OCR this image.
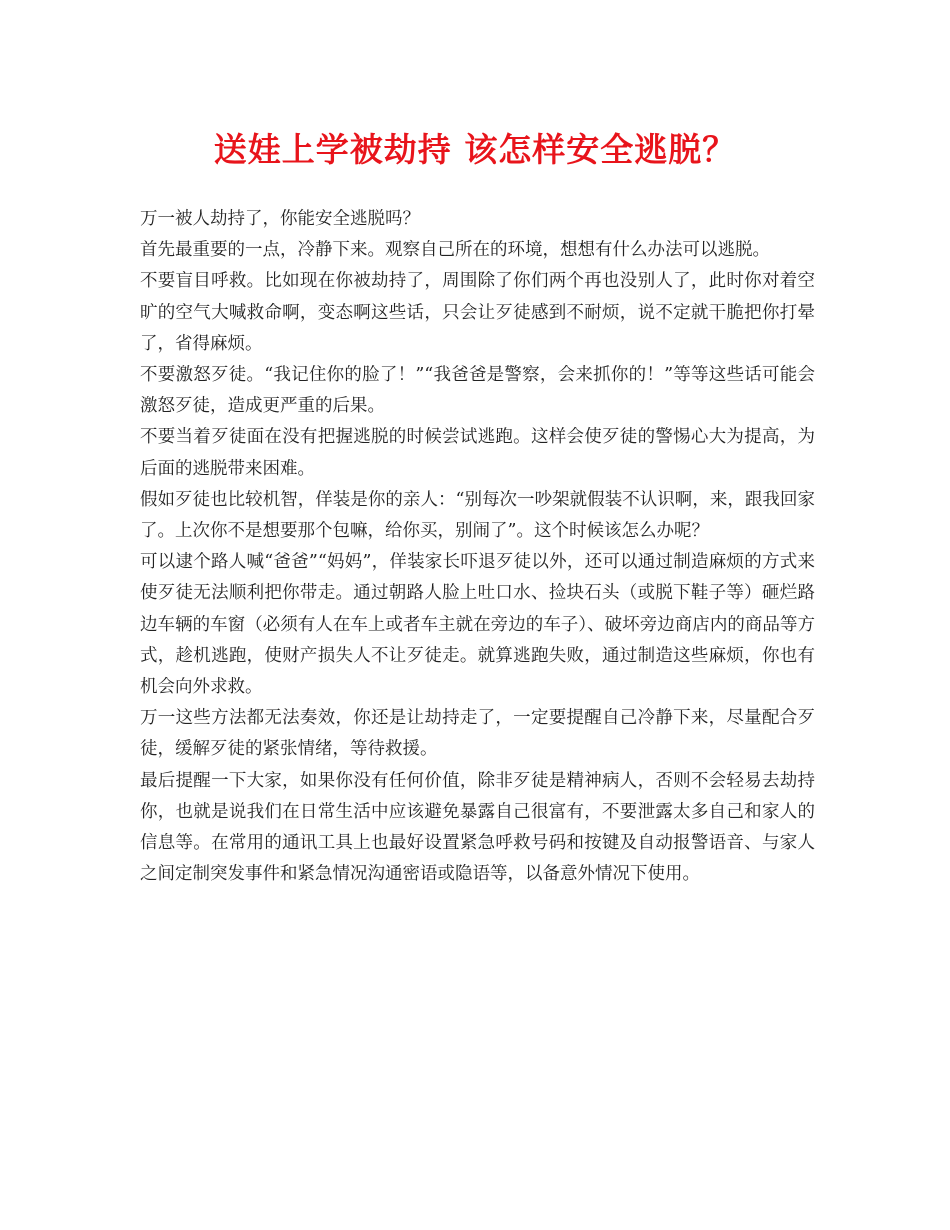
送娃上学被劫持 该怎样安全逃脱？

万一被人劫持了，你能安全逃脱吗？

首先最重要的一点，冷静下来。观察自己所在的环境，想想有什么办法可以逃脱。

不要盲目呼救。比如现在你被劫持了，周围除了你们两个再也没别人了，此时你对着空旷的空气大喊救命啊，变态啊这些话，只会让歹徒感到不耐烦，说不定就干脆把你打晕了，省得麻烦。

不要激怒歹徒。“我记住你的脸了！”“我爸爸是警察，会来抓你的！”等等这些话可能会激怒歹徒，造成更严重的后果。

不要当着歹徒面在没有把握逃脱的时候尝试逃跑。这样会使歹徒的警惕心大为提高，为后面的逃脱带来困难。

假如歹徒也比较机智，佯装是你的亲人：“别每次一吵架就假装不认识啊，来，跟我回家了。上次你不是想要那个包嘛，给你买，别闹了”。这个时候该怎么办呢？

可以逮个路人喊“爸爸”“妈妈”，佯装家长吓退歹徒以外，还可以通过制造麻烦的方式来使歹徒无法顺利把你带走。通过朝路人脸上吐口水、捡块石头（或脱下鞋子等）砸烂路边车辆的车窗（必须有人在车上或者车主就在旁边的车子）、破坏旁边商店内的商品等方式，趁机逃跑，使财产损失人不让歹徒走。就算逃跑失败，通过制造这些麻烦，你也有机会向外求救。

万一这些方法都无法奏效，你还是让劫持走了，一定要提醒自己冷静下来，尽量配合歹徒，缓解歹徒的紧张情绪，等待救援。

最后提醒一下大家，如果你没有任何价值，除非歹徒是精神病人，否则不会轻易去劫持你，也就是说我们在日常生活中应该避免暴露自己很富有，不要泄露太多自己和家人的信息等。在常用的通讯工具上也最好设置紧急呼救号码和按键及自动报警语音、与家人之间定制突发事件和紧急情况沟通密语或隐语等，以备意外情况下使用。
